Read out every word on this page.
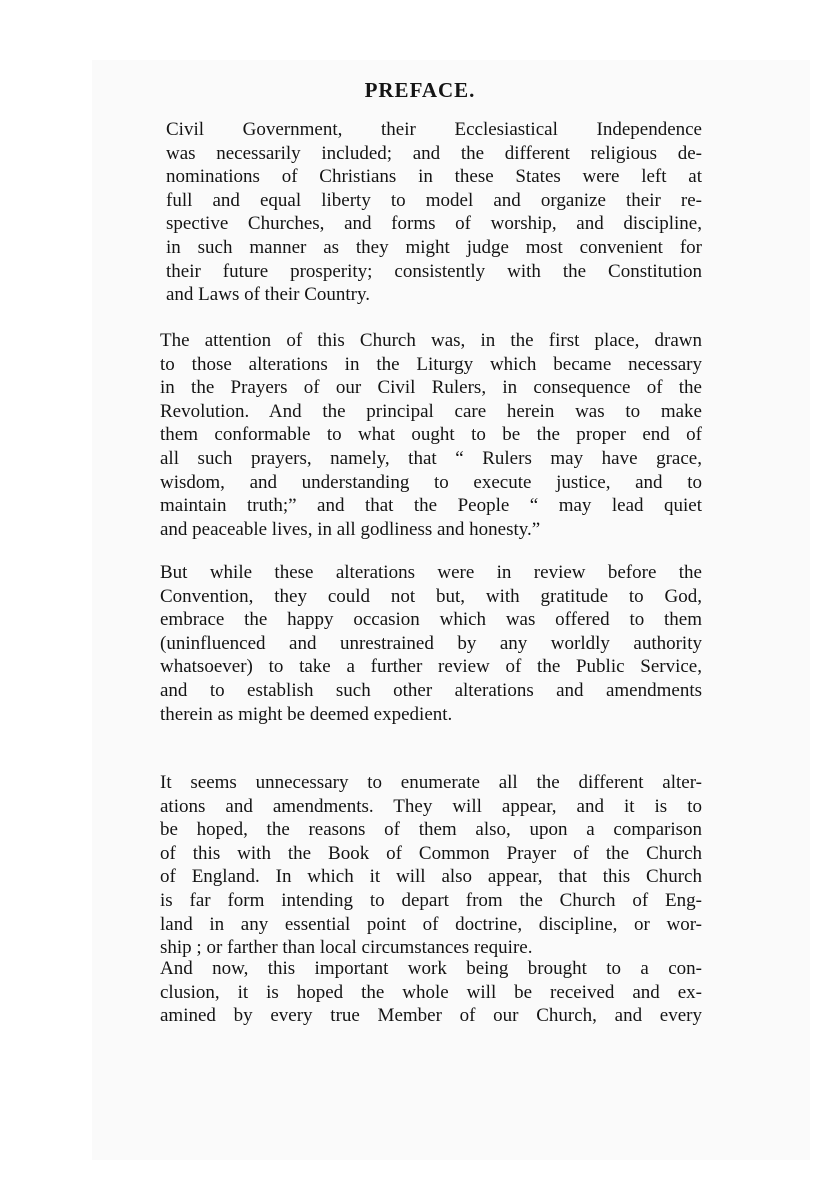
PREFACE.
Civil Government, their Ecclesiastical Independence
was necessarily included; and the different religious de-
nominations of Christians in these States were left at
full and equal liberty to model and organize their re-
spective Churches, and forms of worship, and discipline,
in such manner as they might judge most convenient for
their future prosperity; consistently with the Constitution
and Laws of their Country.
The attention of this Church was, in the first place, drawn
to those alterations in the Liturgy which became necessary
in the Prayers of our Civil Rulers, in consequence of the
Revolution. And the principal care herein was to make
them conformable to what ought to be the proper end of
all such prayers, namely, that “ Rulers may have grace,
wisdom, and understanding to execute justice, and to
maintain truth;” and that the People “ may lead quiet
and peaceable lives, in all godliness and honesty.”
But while these alterations were in review before the
Convention, they could not but, with gratitude to God,
embrace the happy occasion which was offered to them
(uninfluenced and unrestrained by any worldly authority
whatsoever) to take a further review of the Public Service,
and to establish such other alterations and amendments
therein as might be deemed expedient.
It seems unnecessary to enumerate all the different alter-
ations and amendments. They will appear, and it is to
be hoped, the reasons of them also, upon a comparison
of this with the Book of Common Prayer of the Church
of England. In which it will also appear, that this Church
is far form intending to depart from the Church of Eng-
land in any essential point of doctrine, discipline, or wor-
ship ; or farther than local circumstances require.
And now, this important work being brought to a con-
clusion, it is hoped the whole will be received and ex-
amined by every true Member of our Church, and every
